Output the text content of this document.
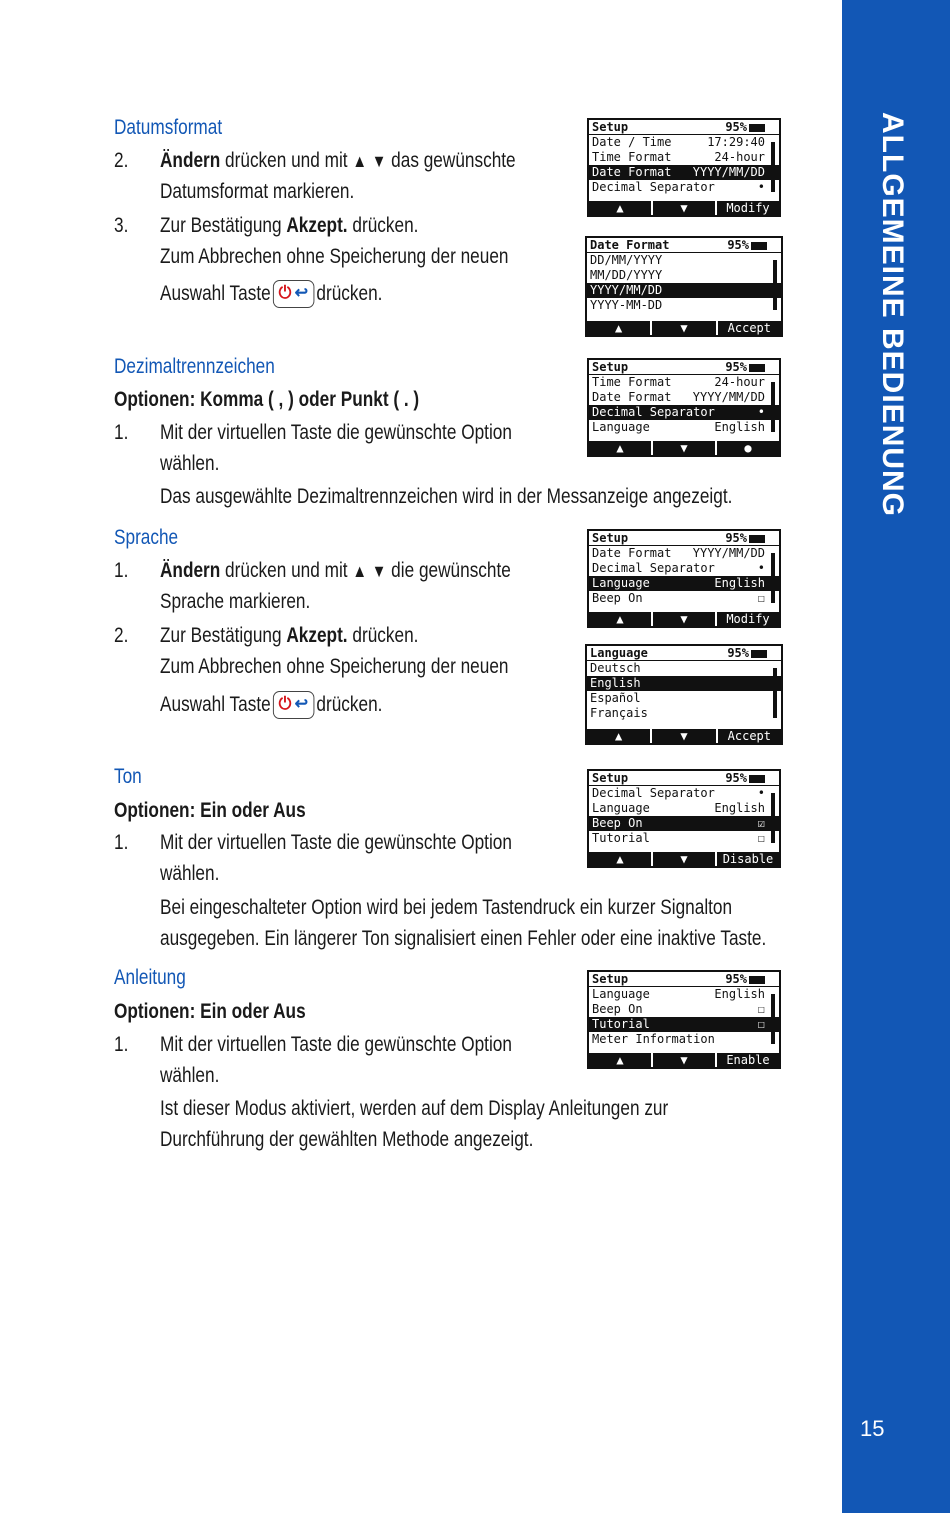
ALLGEMEINE BEDIENUNG
15
Datumsformat
2. Ändern drücken und mit ▲ ▼ das gewünschte
Datumsformat markieren.
3. Zur Bestätigung Akzept. drücken.
Zum Abbrechen ohne Speicherung der neuen
Auswahl Taste ⏻ ↩ drücken.
Dezimaltrennzeichen
Optionen: Komma ( , ) oder Punkt ( . )
1. Mit der virtuellen Taste die gewünschte Option
wählen.
Das ausgewählte Dezimaltrennzeichen wird in der Messanzeige angezeigt.
Sprache
1. Ändern drücken und mit ▲ ▼ die gewünschte
Sprache markieren.
2. Zur Bestätigung Akzept. drücken.
Zum Abbrechen ohne Speicherung der neuen
Auswahl Taste ⏻ ↩ drücken.
Ton
Optionen: Ein oder Aus
1. Mit der virtuellen Taste die gewünschte Option
wählen.
Bei eingeschalteter Option wird bei jedem Tastendruck ein kurzer Signalton
ausgegeben. Ein längerer Ton signalisiert einen Fehler oder eine inaktive Taste.
Anleitung
Optionen: Ein oder Aus
1. Mit der virtuellen Taste die gewünschte Option
wählen.
Ist dieser Modus aktiviert, werden auf dem Display Anleitungen zur
Durchführung der gewählten Methode angezeigt.
Setup	95%
Date / Time	17:29:40
Time Format	24-hour
Date Format YYYY/MM/DD
Decimal Separator	•
▲	▼	Modify
Date Format	95%
DD/MM/YYYY
MM/DD/YYYY
YYYY/MM/DD
YYYY-MM-DD
▲	▼	Accept
Setup	95%
Time Format	24-hour
Date Format YYYY/MM/DD
Decimal Separator	•
Language	English
▲	▼	●
Setup	95%
Date Format YYYY/MM/DD
Decimal Separator	•
Language	English
Beep On	☐
▲	▼	Modify
Language	95%
Deutsch
English
Español
Français
▲	▼	Accept
Setup	95%
Decimal Separator	•
Language	English
Beep On	☑
Tutorial	☐
▲	▼	Disable
Setup	95%
Language	English
Beep On	☐
Tutorial	☐
Meter Information
▲	▼	Enable
